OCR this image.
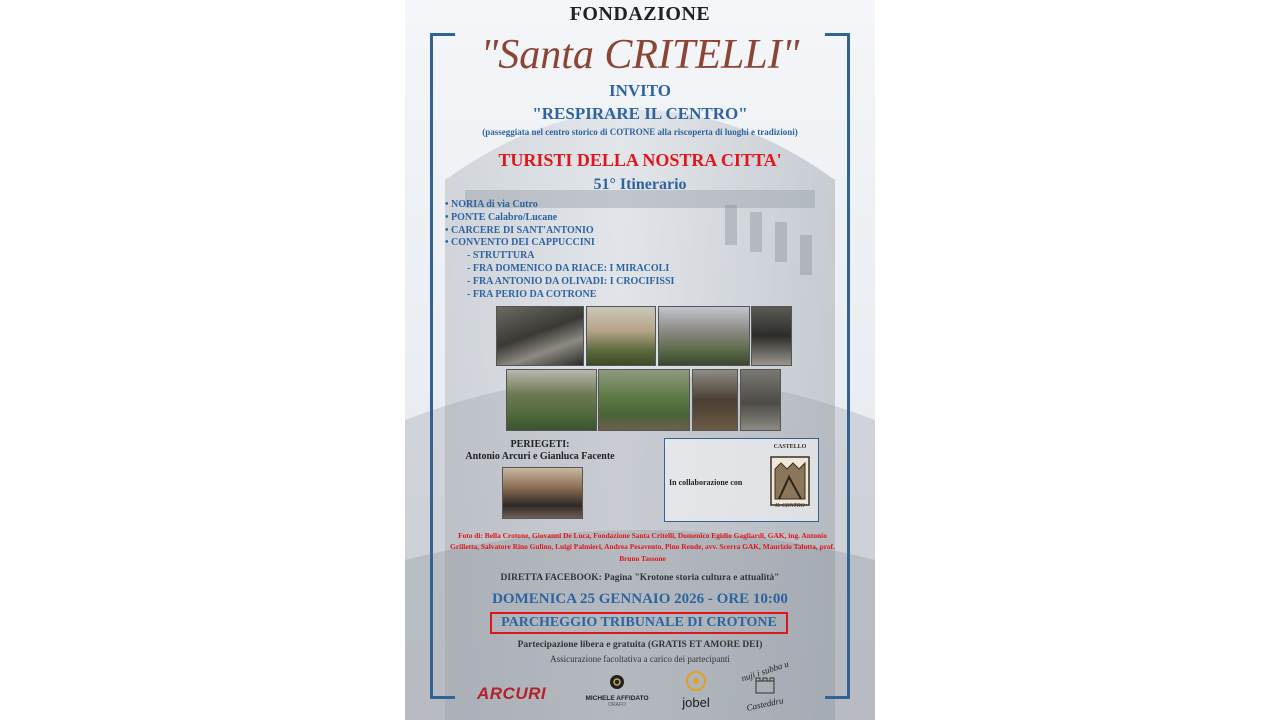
FONDAZIONE
"Santa CRITELLI"
INVITO
"RESPIRARE IL CENTRO"
(passeggiata nel centro storico di COTRONE alla riscoperta di luoghi e tradizioni)
TURISTI DELLA NOSTRA CITTA'
51° Itinerario
• NORIA di via Cutro
• PONTE Calabro/Lucane
• CARCERE DI SANT'ANTONIO
• CONVENTO DEI CAPPUCCINI
- STRUTTURA
- FRA DOMENICO DA RIACE: I MIRACOLI
- FRA ANTONIO DA OLIVADI: I CROCIFISSI
- FRA PERIO DA COTRONE
PERIEGETI:
Antonio Arcuri e Gianluca Facente
In collaborazione con
CASTELLO
IL CENTRO
Foto di: Bella Crotone, Giovanni De Luca, Fondazione Santa Critelli, Domenico Egidio Gagliardi, GAK, ing. Antonio Grilletta, Salvatore Rino Gulino, Luigi Palmieri, Andrea Pesavento, Pino Rende, avv. Scerra GAK, Maurizio Talotta, prof. Bruno Tassone
DIRETTA FACEBOOK: Pagina "Krotone storia cultura e attualità"
DOMENICA 25 GENNAIO 2026 - ORE 10:00
PARCHEGGIO TRIBUNALE DI CROTONE
Partecipazione libera e gratuita (GRATIS ET AMORE DEI)
Assicurazione facoltativa a carico dei partecipanti
ARCURI	MICHELE AFFIDATO
ORAFO	jobel
nuji i subba u
Casteddru
